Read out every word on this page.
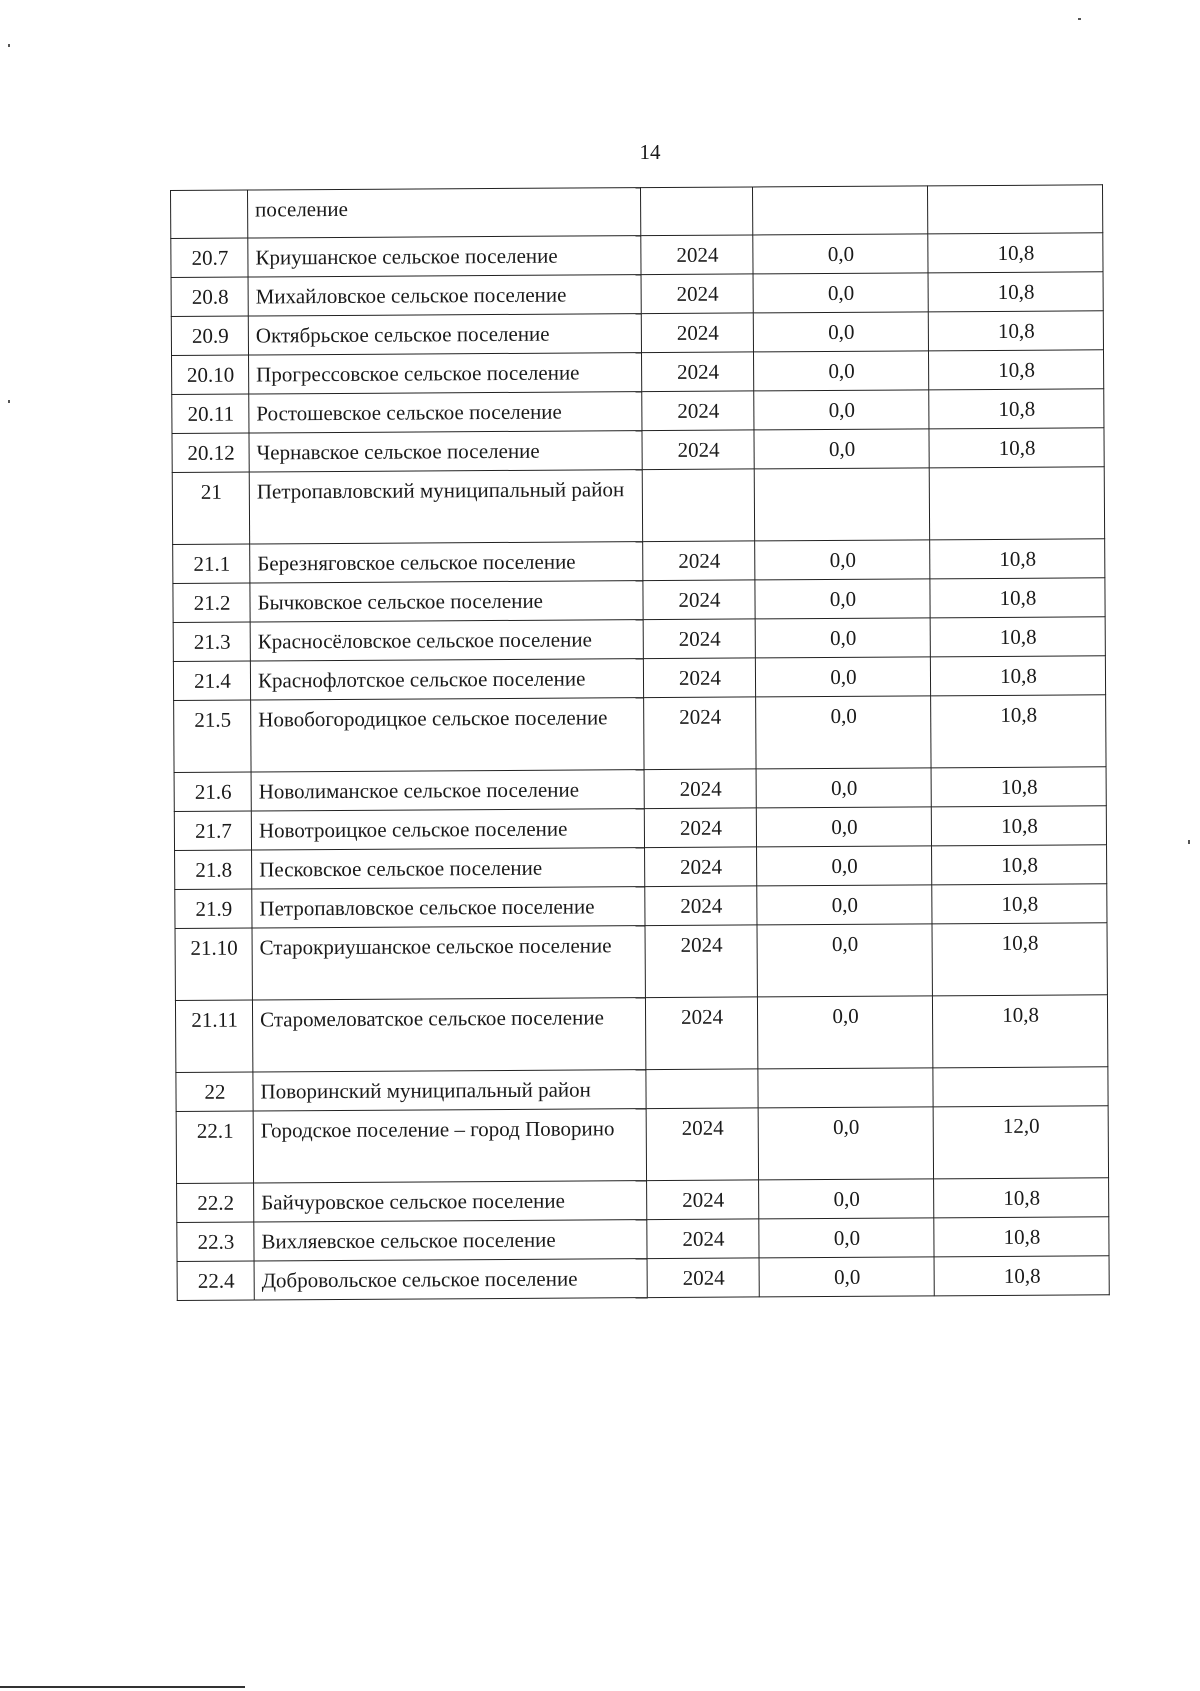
14
	поселение			
20.7	Криушанское сельское поселение	2024	0,0	10,8
20.8	Михайловское сельское поселение	2024	0,0	10,8
20.9	Октябрьское сельское поселение	2024	0,0	10,8
20.10	Прогрессовское сельское поселение	2024	0,0	10,8
20.11	Ростошевское сельское поселение	2024	0,0	10,8
20.12	Чернавское сельское поселение	2024	0,0	10,8
21	Петропавловский муниципальный район			
21.1	Березняговское сельское поселение	2024	0,0	10,8
21.2	Бычковское сельское поселение	2024	0,0	10,8
21.3	Красносёловское сельское поселение	2024	0,0	10,8
21.4	Краснофлотское сельское поселение	2024	0,0	10,8
21.5	Новобогородицкое сельское поселение	2024	0,0	10,8
21.6	Новолиманское сельское поселение	2024	0,0	10,8
21.7	Новотроицкое сельское поселение	2024	0,0	10,8
21.8	Песковское сельское поселение	2024	0,0	10,8
21.9	Петропавловское сельское поселение	2024	0,0	10,8
21.10	Старокриушанское сельское поселение	2024	0,0	10,8
21.11	Старомеловатское сельское поселение	2024	0,0	10,8
22	Поворинский муниципальный район			
22.1	Городское поселение – город Поворино	2024	0,0	12,0
22.2	Байчуровское сельское поселение	2024	0,0	10,8
22.3	Вихляевское сельское поселение	2024	0,0	10,8
22.4	Добровольское сельское поселение	2024	0,0	10,8
